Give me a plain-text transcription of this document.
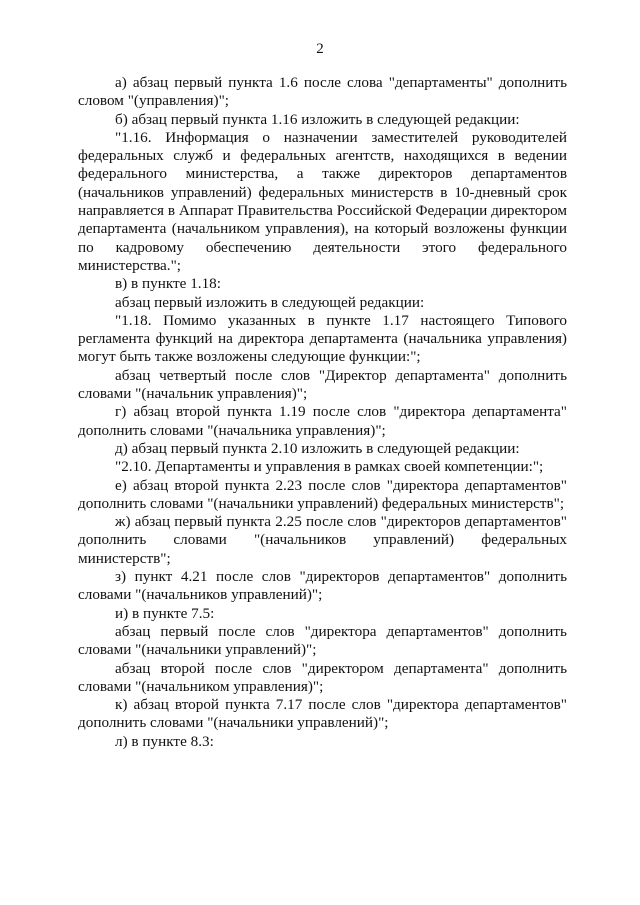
2

а) абзац первый пункта 1.6 после слова "департаменты" дополнить словом "(управления)";

б) абзац первый пункта 1.16 изложить в следующей редакции:

"1.16. Информация о назначении заместителей руководителей федеральных служб и федеральных агентств, находящихся в ведении федерального министерства, а также директоров департаментов (начальников управлений) федеральных министерств в 10-дневный срок направляется в Аппарат Правительства Российской Федерации директором департамента (начальником управления), на который возложены функции по кадровому обеспечению деятельности этого федерального министерства.";

в) в пункте 1.18:

абзац первый изложить в следующей редакции:

"1.18. Помимо указанных в пункте 1.17 настоящего Типового регламента функций на директора департамента (начальника управления) могут быть также возложены следующие функции:";

абзац четвертый после слов "Директор департамента" дополнить словами "(начальник управления)";

г) абзац второй пункта 1.19 после слов "директора департамента" дополнить словами "(начальника управления)";

д) абзац первый пункта 2.10 изложить в следующей редакции:

"2.10. Департаменты и управления в рамках своей компетенции:";

е) абзац второй пункта 2.23 после слов "директора департаментов" дополнить словами "(начальники управлений) федеральных министерств";

ж) абзац первый пункта 2.25 после слов "директоров департаментов" дополнить словами "(начальников управлений) федеральных министерств";

з) пункт 4.21 после слов "директоров департаментов" дополнить словами "(начальников управлений)";

и) в пункте 7.5:

абзац первый после слов "директора департаментов" дополнить словами "(начальники управлений)";

абзац второй после слов "директором департамента" дополнить словами "(начальником управления)";

к) абзац второй пункта 7.17 после слов "директора департаментов" дополнить словами "(начальники управлений)";

л) в пункте 8.3:
